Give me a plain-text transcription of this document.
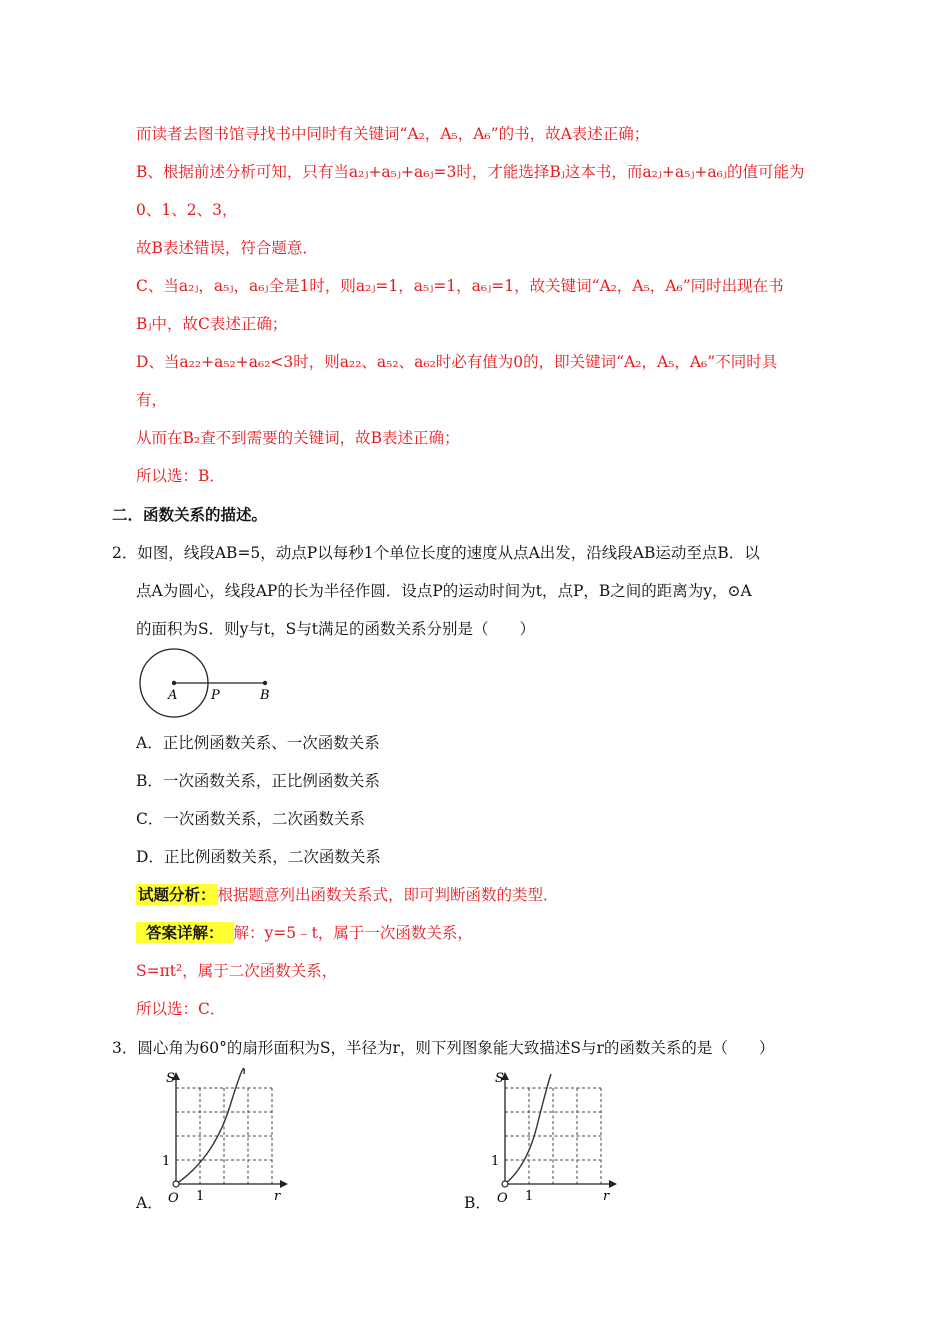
而读者去图书馆寻找书中同时有关键词“A₂，A₅，A₆”的书，故A表述正确；
B、根据前述分析可知，只有当a₂ⱼ+a₅ⱼ+a₆ⱼ=3时，才能选择Bⱼ这本书，而a₂ⱼ+a₅ⱼ+a₆ⱼ的值可能为
0、1、2、3，
故B表述错误，符合题意．
C、当a₂ⱼ，a₅ⱼ，a₆ⱼ全是1时，则a₂ⱼ=1，a₅ⱼ=1，a₆ⱼ=1，故关键词“A₂，A₅，A₆”同时出现在书
Bⱼ中，故C表述正确；
D、当a₂₂+a₅₂+a₆₂<3时，则a₂₂、a₅₂、a₆₂时必有值为0的，即关键词“A₂，A₅，A₆”不同时具
有，
从而在B₂查不到需要的关键词，故B表述正确；
所以选：B．
二．函数关系的描述。
2．如图，线段AB=5，动点P以每秒1个单位长度的速度从点A出发，沿线段AB运动至点B．以
点A为圆心，线段AP的长为半径作圆．设点P的运动时间为t，点P，B之间的距离为y，⊙A
的面积为S．则y与t，S与t满足的函数关系分别是（　　）
A	P	B
A．正比例函数关系、一次函数关系
B．一次函数关系，正比例函数关系
C．一次函数关系，二次函数关系
D．正比例函数关系，二次函数关系
试题分析： 根据题意列出函数关系式，即可判断函数的类型．
答案详解： 解：y=5﹣t，属于一次函数关系，
S=πt²，属于二次函数关系，
所以选：C．
3．圆心角为60°的扇形面积为S，半径为r，则下列图象能大致描述S与r的函数关系的是（　　）
A．
S
r
O 1
1
B．
S
r
O 1
1
